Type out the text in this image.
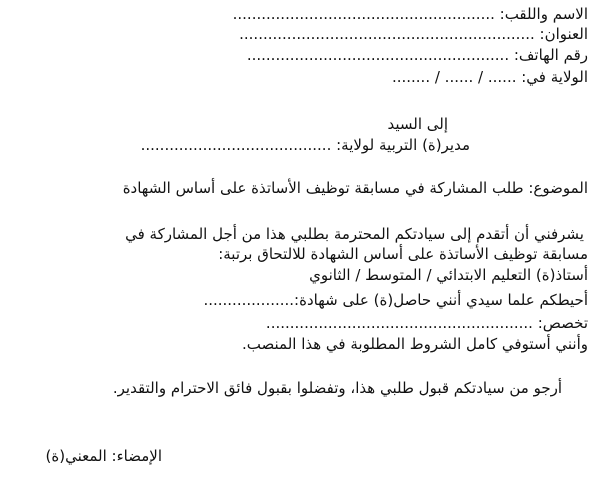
الاسم واللقب: .......................................................
العنوان: ..............................................................
رقم الهاتف: .......................................................
الولاية في: ...... / ...... / ........
إلى السيد
مدير(ة) التربية لولاية: ........................................
الموضوع: طلب المشاركة في مسابقة توظيف الأساتذة على أساس الشهادة
يشرفني أن أتقدم إلى سيادتكم المحترمة بطلبي هذا من أجل المشاركة في
مسابقة توظيف الأساتذة على أساس الشهادة للالتحاق برتبة:
أستاذ(ة) التعليم الابتدائي / المتوسط / الثانوي
أحيطكم علما سيدي أنني حاصل(ة) على شهادة:...................
تخصص: ........................................................
وأنني أستوفي كامل الشروط المطلوبة في هذا المنصب.
أرجو من سيادتكم قبول طلبي هذا، وتفضلوا بقبول فائق الاحترام والتقدير.
الإمضاء: المعني(ة)
